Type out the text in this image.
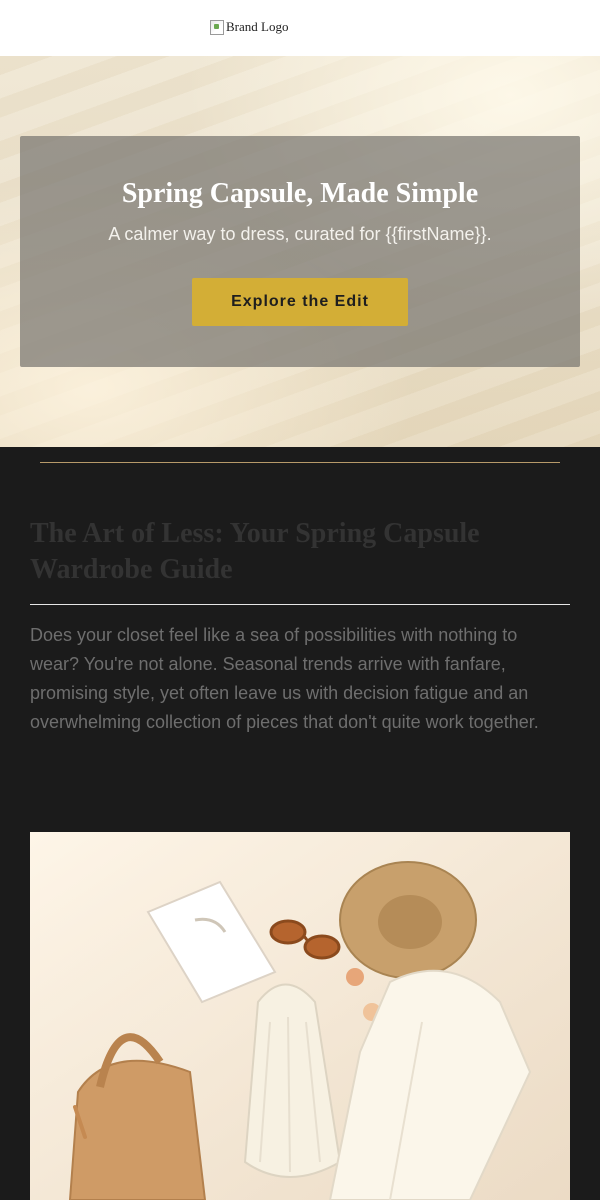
Brand Logo
Spring Capsule, Made Simple
A calmer way to dress, curated for {{firstName}}.
Explore the Edit
The Art of Less: Your Spring Capsule Wardrobe Guide

Does your closet feel like a sea of possibilities with nothing to wear? You're not alone. Seasonal trends arrive with fanfare, promising style, yet often leave us with decision fatigue and an overwhelming collection of pieces that don't quite work together.
